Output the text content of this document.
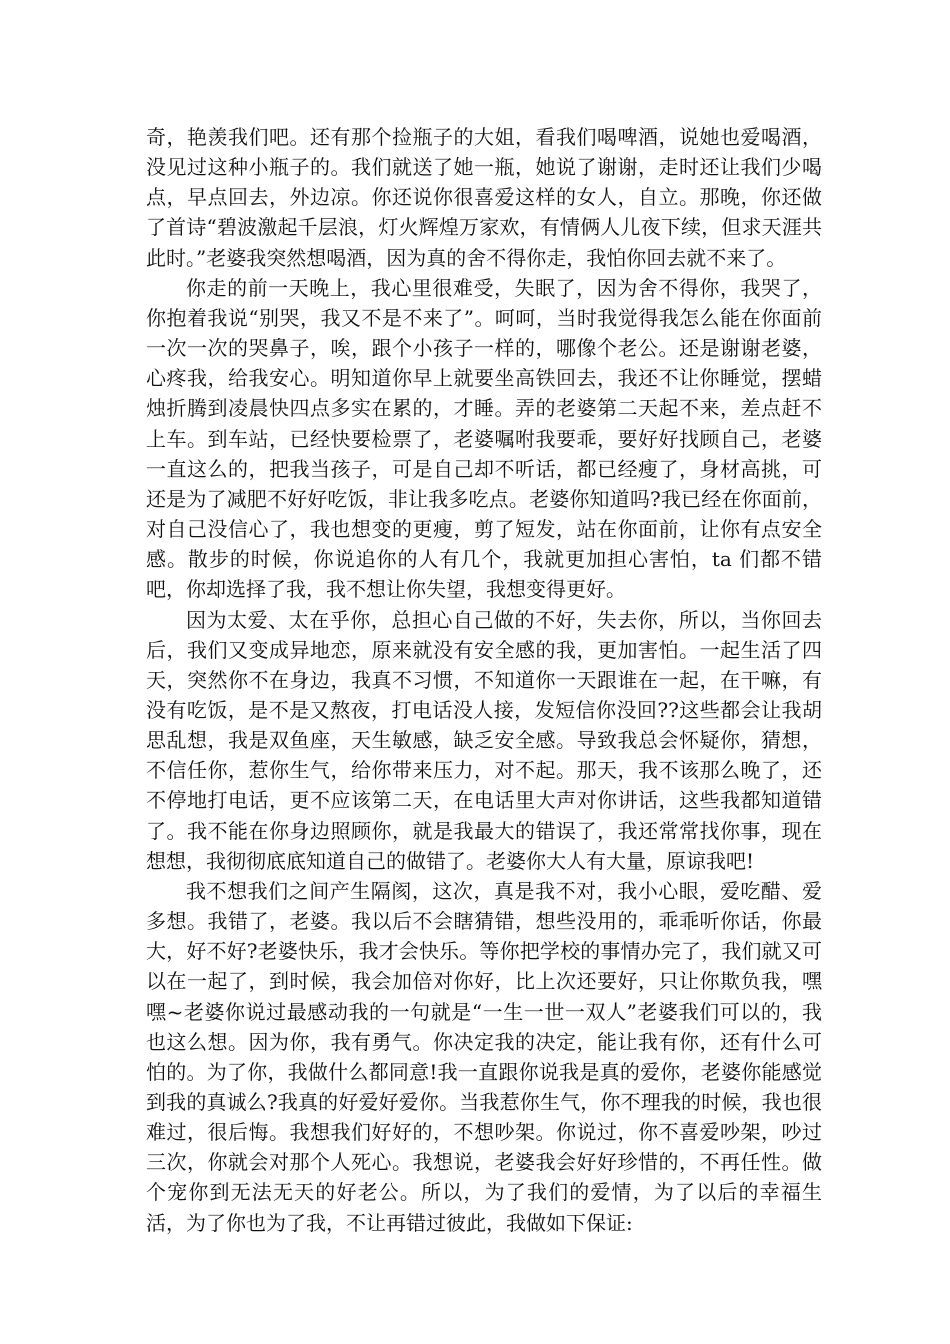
奇，艳羡我们吧。还有那个捡瓶子的大姐，看我们喝啤酒，说她也爱喝酒，没见过这种小瓶子的。我们就送了她一瓶，她说了谢谢，走时还让我们少喝点，早点回去，外边凉。你还说你很喜爱这样的女人，自立。那晚，你还做了首诗“碧波激起千层浪，灯火辉煌万家欢，有情俩人儿夜下续，但求天涯共此时。”老婆我突然想喝酒，因为真的舍不得你走，我怕你回去就不来了。

你走的前一天晚上，我心里很难受，失眠了，因为舍不得你，我哭了，你抱着我说“别哭，我又不是不来了”。呵呵，当时我觉得我怎么能在你面前一次一次的哭鼻子，唉，跟个小孩子一样的，哪像个老公。还是谢谢老婆，心疼我，给我安心。明知道你早上就要坐高铁回去，我还不让你睡觉，摆蜡烛折腾到凌晨快四点多实在累的，才睡。弄的老婆第二天起不来，差点赶不上车。到车站，已经快要检票了，老婆嘱咐我要乖，要好好找顾自己，老婆一直这么的，把我当孩子，可是自己却不听话，都已经瘦了，身材高挑，可还是为了减肥不好好吃饭，非让我多吃点。老婆你知道吗?我已经在你面前，对自己没信心了，我也想变的更瘦，剪了短发，站在你面前，让你有点安全感。散步的时候，你说追你的人有几个，我就更加担心害怕，ta 们都不错吧，你却选择了我，我不想让你失望，我想变得更好。

因为太爱、太在乎你，总担心自己做的不好，失去你，所以，当你回去后，我们又变成异地恋，原来就没有安全感的我，更加害怕。一起生活了四天，突然你不在身边，我真不习惯，不知道你一天跟谁在一起，在干嘛，有没有吃饭，是不是又熬夜，打电话没人接，发短信你没回??这些都会让我胡思乱想，我是双鱼座，天生敏感，缺乏安全感。导致我总会怀疑你，猜想，不信任你，惹你生气，给你带来压力，对不起。那天，我不该那么晚了，还不停地打电话，更不应该第二天，在电话里大声对你讲话，这些我都知道错了。我不能在你身边照顾你，就是我最大的错误了，我还常常找你事，现在想想，我彻彻底底知道自己的做错了。老婆你大人有大量，原谅我吧!

我不想我们之间产生隔阂，这次，真是我不对，我小心眼，爱吃醋、爱多想。我错了，老婆。我以后不会瞎猜错，想些没用的，乖乖听你话，你最大，好不好?老婆快乐，我才会快乐。等你把学校的事情办完了，我们就又可以在一起了，到时候，我会加倍对你好，比上次还要好，只让你欺负我，嘿嘿~老婆你说过最感动我的一句就是“一生一世一双人”老婆我们可以的，我也这么想。因为你，我有勇气。你决定我的决定，能让我有你，还有什么可怕的。为了你，我做什么都同意!我一直跟你说我是真的爱你，老婆你能感觉到我的真诚么?我真的好爱好爱你。当我惹你生气，你不理我的时候，我也很难过，很后悔。我想我们好好的，不想吵架。你说过，你不喜爱吵架，吵过三次，你就会对那个人死心。我想说，老婆我会好好珍惜的，不再任性。做个宠你到无法无天的好老公。所以，为了我们的爱情，为了以后的幸福生活，为了你也为了我，不让再错过彼此，我做如下保证:
